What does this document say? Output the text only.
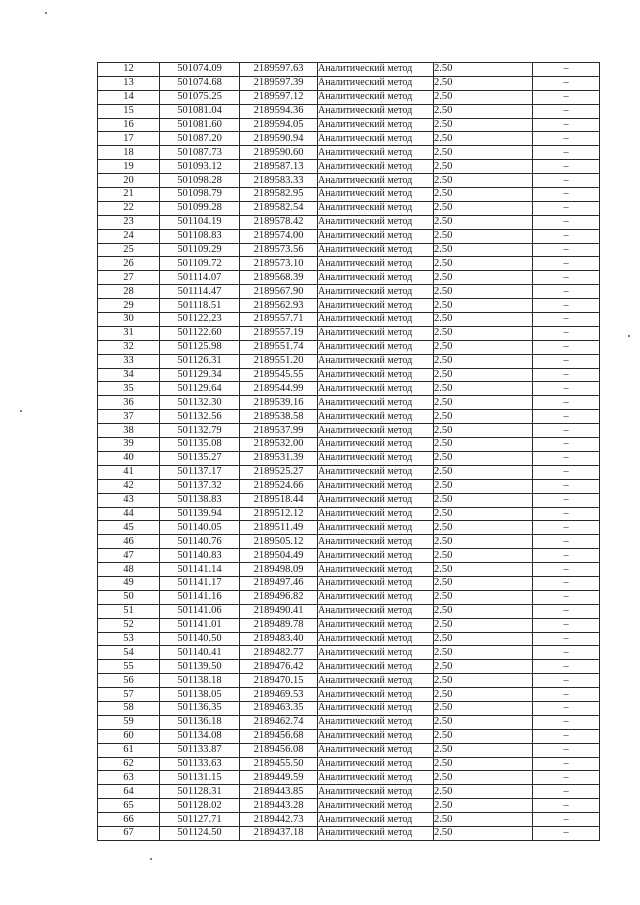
12	501074.09	2189597.63	Аналитический метод	2.50	–
13	501074.68	2189597.39	Аналитический метод	2.50	–
14	501075.25	2189597.12	Аналитический метод	2.50	–
15	501081.04	2189594.36	Аналитический метод	2.50	–
16	501081.60	2189594.05	Аналитический метод	2.50	–
17	501087.20	2189590.94	Аналитический метод	2.50	–
18	501087.73	2189590.60	Аналитический метод	2.50	–
19	501093.12	2189587.13	Аналитический метод	2.50	–
20	501098.28	2189583.33	Аналитический метод	2.50	–
21	501098.79	2189582.95	Аналитический метод	2.50	–
22	501099.28	2189582.54	Аналитический метод	2.50	–
23	501104.19	2189578.42	Аналитический метод	2.50	–
24	501108.83	2189574.00	Аналитический метод	2.50	–
25	501109.29	2189573.56	Аналитический метод	2.50	–
26	501109.72	2189573.10	Аналитический метод	2.50	–
27	501114.07	2189568.39	Аналитический метод	2.50	–
28	501114.47	2189567.90	Аналитический метод	2.50	–
29	501118.51	2189562.93	Аналитический метод	2.50	–
30	501122.23	2189557.71	Аналитический метод	2.50	–
31	501122.60	2189557.19	Аналитический метод	2.50	–
32	501125.98	2189551.74	Аналитический метод	2.50	–
33	501126.31	2189551.20	Аналитический метод	2.50	–
34	501129.34	2189545.55	Аналитический метод	2.50	–
35	501129.64	2189544.99	Аналитический метод	2.50	–
36	501132.30	2189539.16	Аналитический метод	2.50	–
37	501132.56	2189538.58	Аналитический метод	2.50	–
38	501132.79	2189537.99	Аналитический метод	2.50	–
39	501135.08	2189532.00	Аналитический метод	2.50	–
40	501135.27	2189531.39	Аналитический метод	2.50	–
41	501137.17	2189525.27	Аналитический метод	2.50	–
42	501137.32	2189524.66	Аналитический метод	2.50	–
43	501138.83	2189518.44	Аналитический метод	2.50	–
44	501139.94	2189512.12	Аналитический метод	2.50	–
45	501140.05	2189511.49	Аналитический метод	2.50	–
46	501140.76	2189505.12	Аналитический метод	2.50	–
47	501140.83	2189504.49	Аналитический метод	2.50	–
48	501141.14	2189498.09	Аналитический метод	2.50	–
49	501141.17	2189497.46	Аналитический метод	2.50	–
50	501141.16	2189496.82	Аналитический метод	2.50	–
51	501141.06	2189490.41	Аналитический метод	2.50	–
52	501141.01	2189489.78	Аналитический метод	2.50	–
53	501140.50	2189483.40	Аналитический метод	2.50	–
54	501140.41	2189482.77	Аналитический метод	2.50	–
55	501139.50	2189476.42	Аналитический метод	2.50	–
56	501138.18	2189470.15	Аналитический метод	2.50	–
57	501138.05	2189469.53	Аналитический метод	2.50	–
58	501136.35	2189463.35	Аналитический метод	2.50	–
59	501136.18	2189462.74	Аналитический метод	2.50	–
60	501134.08	2189456.68	Аналитический метод	2.50	–
61	501133.87	2189456.08	Аналитический метод	2.50	–
62	501133.63	2189455.50	Аналитический метод	2.50	–
63	501131.15	2189449.59	Аналитический метод	2.50	–
64	501128.31	2189443.85	Аналитический метод	2.50	–
65	501128.02	2189443.28	Аналитический метод	2.50	–
66	501127.71	2189442.73	Аналитический метод	2.50	–
67	501124.50	2189437.18	Аналитический метод	2.50	–
